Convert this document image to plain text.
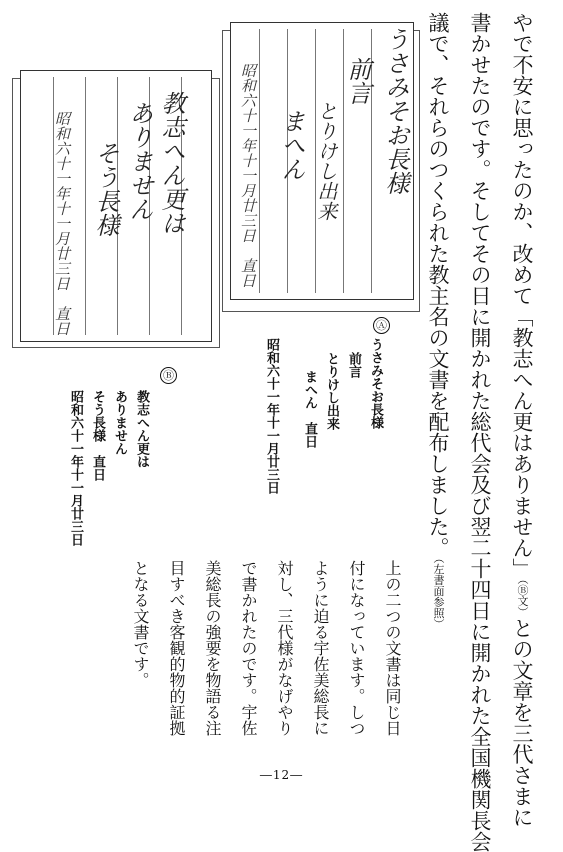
やで不安に思ったのか、改めて「教志へん更はありません」（Ⓑ文）との文章を三代さまに
書かせたのです。そしてその日に開かれた総代会及び翌二十四日に開かれた全国機関長会
議で、それらのつくられた教主名の文書を配布しました。（左書面参照）
うさみそお長様
前言
とりけし出来
まへん
昭和六十一年十一月廿三日　直日
教志へん更は
ありません
そう長様
昭和六十一年十一月廿三日　直日	Ⓐ
うさみそお長様
前言
とりけし出来
まへん　直日
昭和六十一年十一月廿三日
Ⓑ
教志へん更は
ありません
そう長様　直日
昭和六十一年十一月廿三日
上の二つの文書は同じ日
付になっています。しつ
ように迫る宇佐美総長に
対し、三代様がなげやり
で書かれたのです。宇佐
美総長の強要を物語る注
目すべき客観的物的証拠
となる文書です。
―12―
